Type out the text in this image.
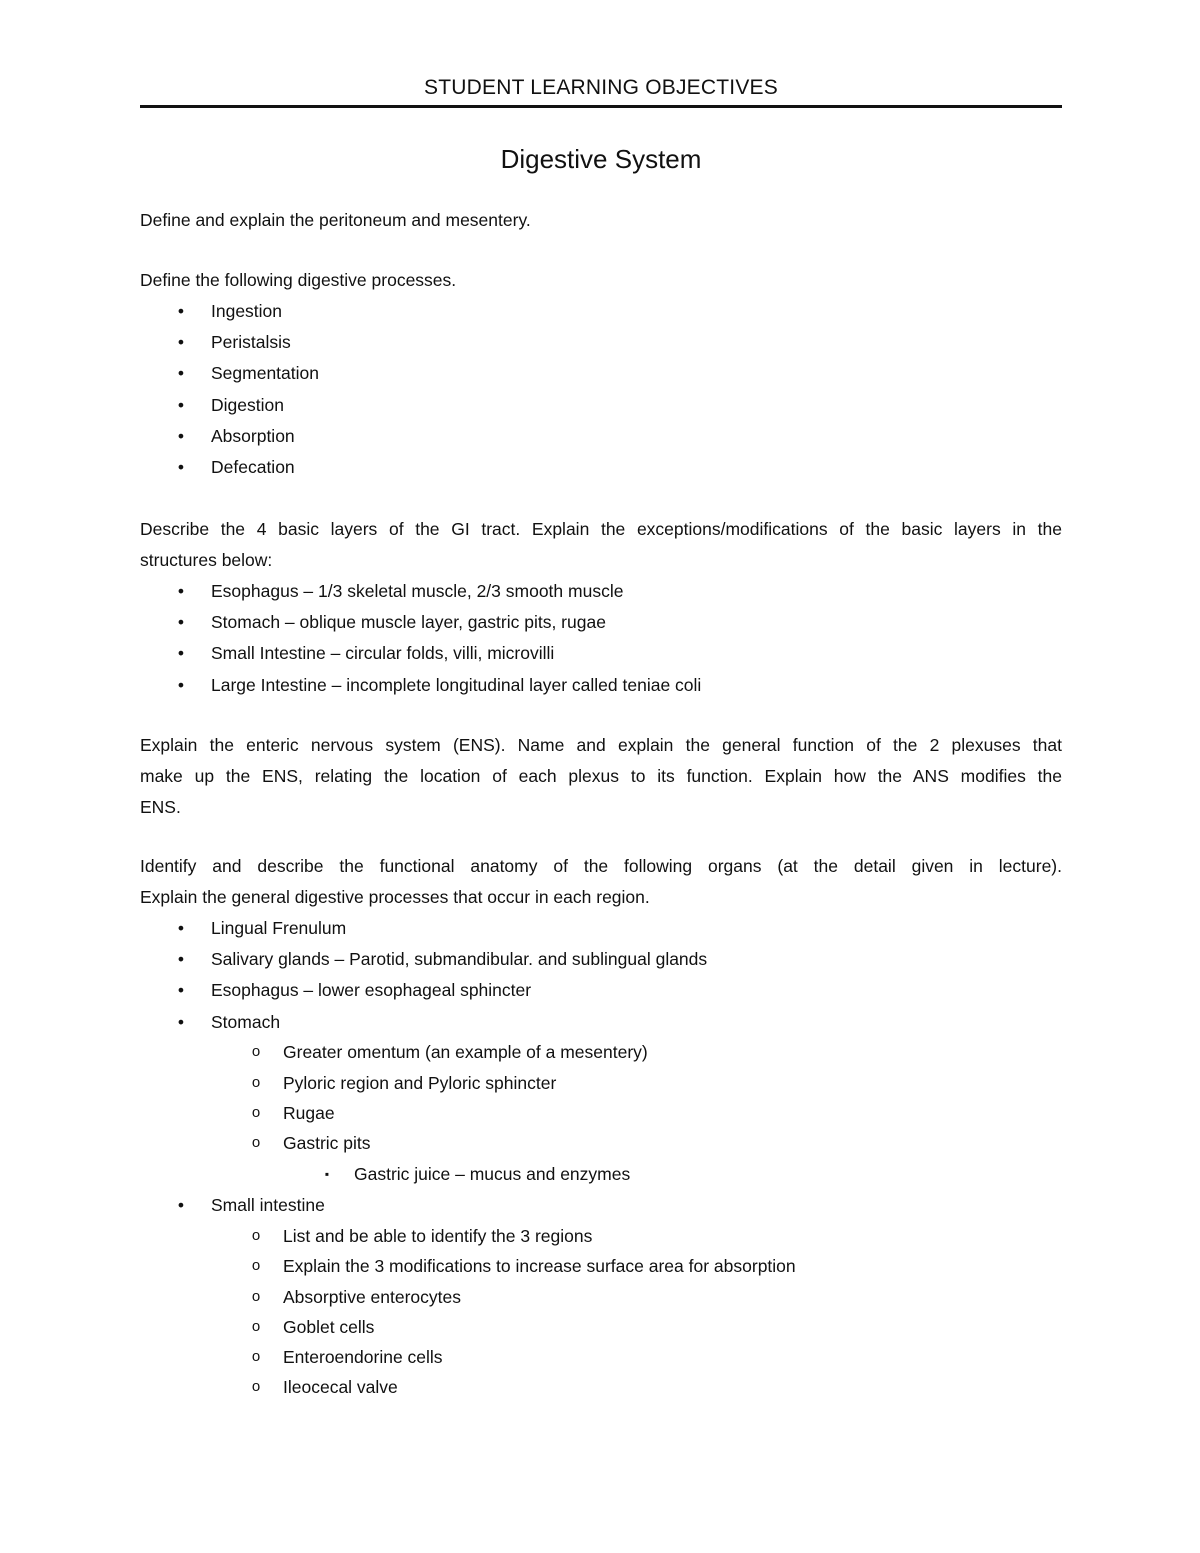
STUDENT LEARNING OBJECTIVES
Digestive System
Define and explain the peritoneum and mesentery.
Define the following digestive processes.
• Ingestion
• Peristalsis
• Segmentation
• Digestion
• Absorption
• Defecation
Describe the 4 basic layers of the GI tract. Explain the exceptions/modifications of the basic layers in the
structures below:
• Esophagus – 1/3 skeletal muscle, 2/3 smooth muscle
• Stomach – oblique muscle layer, gastric pits, rugae
• Small Intestine – circular folds, villi, microvilli
• Large Intestine – incomplete longitudinal layer called teniae coli
Explain the enteric nervous system (ENS). Name and explain the general function of the 2 plexuses that
make up the ENS, relating the location of each plexus to its function. Explain how the ANS modifies the
ENS.
Identify and describe the functional anatomy of the following organs (at the detail given in lecture).
Explain the general digestive processes that occur in each region.
• Lingual Frenulum
• Salivary glands – Parotid, submandibular. and sublingual glands
• Esophagus – lower esophageal sphincter
• Stomach
o Greater omentum (an example of a mesentery)
o Pyloric region and Pyloric sphincter
o Rugae
o Gastric pits
▪ Gastric juice – mucus and enzymes
• Small intestine
o List and be able to identify the 3 regions
o Explain the 3 modifications to increase surface area for absorption
o Absorptive enterocytes
o Goblet cells
o Enteroendorine cells
o Ileocecal valve
